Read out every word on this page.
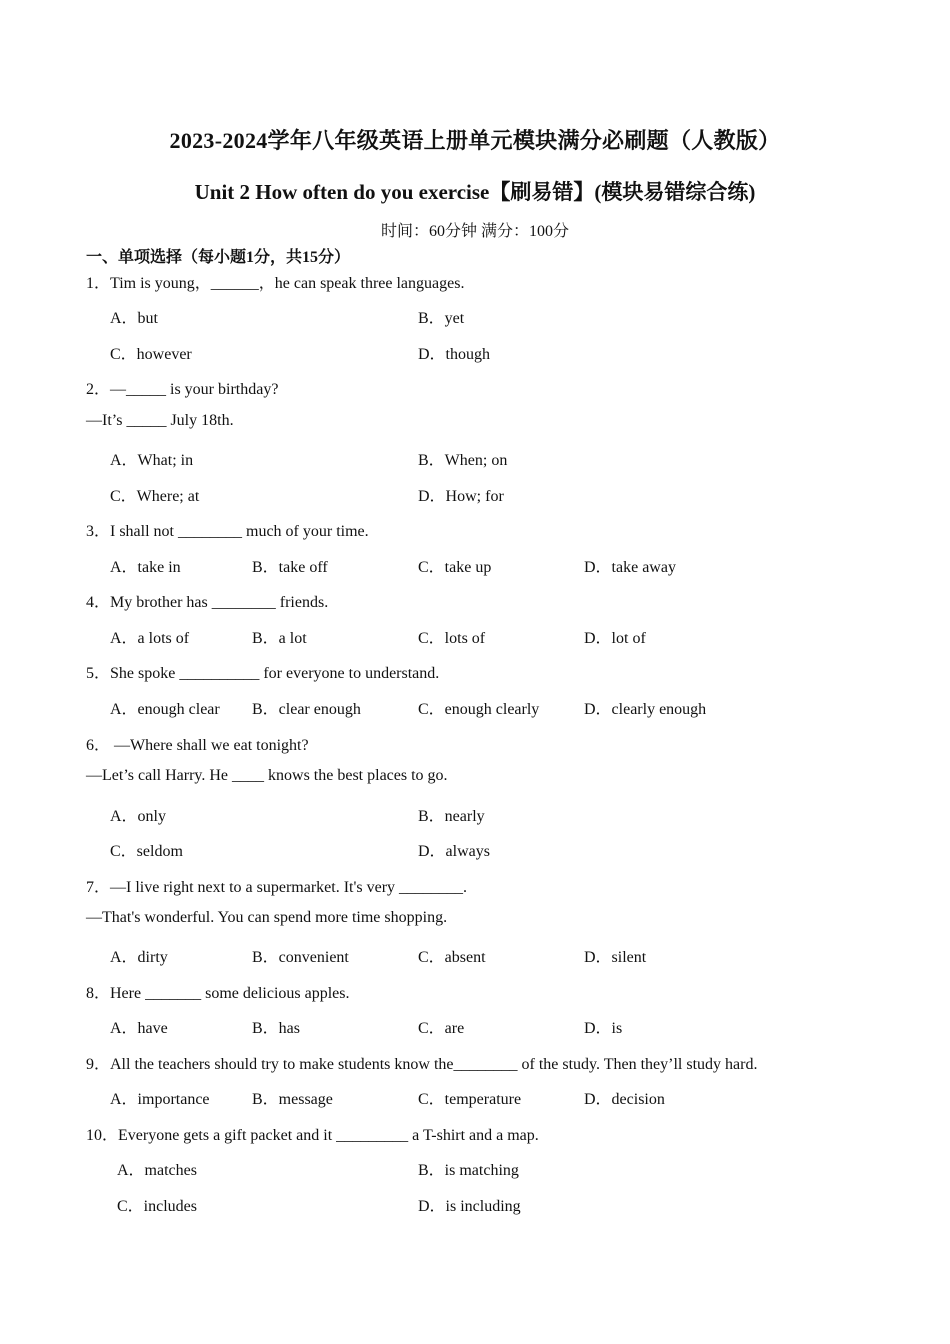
2023-2024学年八年级英语上册单元模块满分必刷题（人教版）
Unit 2 How often do you exercise【刷易错】(模块易错综合练)
时间：60分钟 满分：100分
一、单项选择（每小题1分，共15分）
1．Tim is young，______，he can speak three languages.
A．but	B．yet
C．however	D．though
2．—_____ is your birthday?
—It’s _____ July 18th.
A．What; in	B．When; on
C．Where; at	D．How; for
3．I shall not ________ much of your time.
A．take in	B．take off	C．take up	D．take away
4．My brother has ________ friends.
A．a lots of	B．a lot	C．lots of	D．lot of
5．She spoke __________ for everyone to understand.
A．enough clear B．clear enough	C．enough clearly	D．clearly enough
6． —Where shall we eat tonight?
—Let’s call Harry. He ____ knows the best places to go.
A．only	B．nearly
C．seldom	D．always
7．—I live right next to a supermarket. It's very ________.
—That's wonderful. You can spend more time shopping.
A．dirty	B．convenient	C．absent	D．silent
8．Here _______ some delicious apples.
A．have	B．has	C．are	D．is
9．All the teachers should try to make students know the________ of the study. Then they’ll study hard.
A．importance	B．message	C．temperature	D．decision
10．Everyone gets a gift packet and it _________ a T-shirt and a map.
A．matches	B．is matching
C．includes	D．is including
